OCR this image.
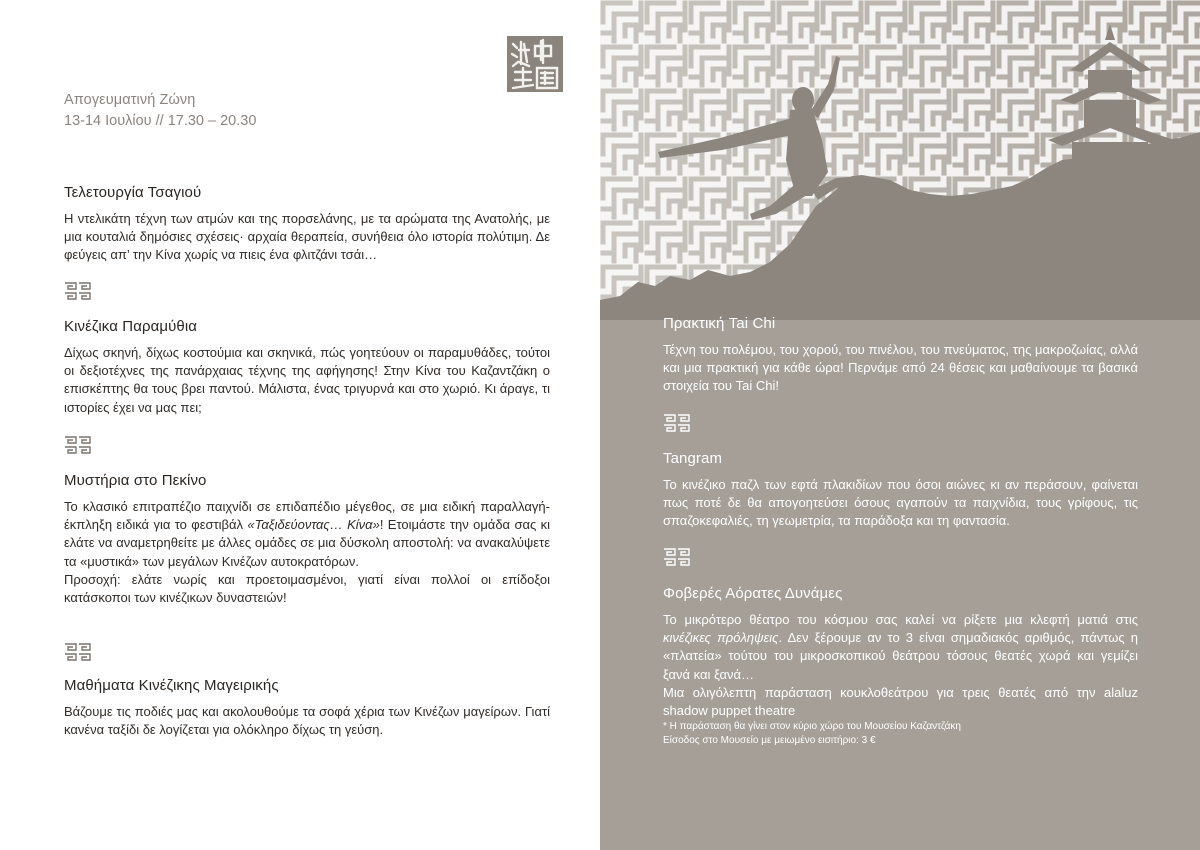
Απογευματινή Ζώνη
13-14 Ιουλίου // 17.30 – 20.30
Τελετουργία Τσαγιού

Η ντελικάτη τέχνη των ατμών και της πορσελάνης, με τα αρώματα της Ανατολής, με μια κουταλιά δημόσιες σχέσεις· αρχαία θεραπεία, συνήθεια όλο ιστορία πολύτιμη. Δε φεύγεις απ’ την Κίνα χωρίς να πιεις ένα φλιτζάνι τσάι…

Κινέζικα Παραμύθια

Δίχως σκηνή, δίχως κοστούμια και σκηνικά, πώς γοητεύουν οι παραμυθάδες, τούτοι οι δεξιοτέχνες της πανάρχαιας τέχνης της αφήγησης! Στην Κίνα του Καζαντζάκη ο επισκέπτης θα τους βρει παντού. Μάλιστα, ένας τριγυρνά και στο χωριό. Κι άραγε, τι ιστορίες έχει να μας πει;

Μυστήρια στο Πεκίνο

Το κλασικό επιτραπέζιο παιχνίδι σε επιδαπέδιο μέγεθος, σε μια ειδική παραλλαγή-έκπληξη ειδικά για το φεστιβάλ «Ταξιδεύοντας… Κίνα»! Ετοιμάστε την ομάδα σας κι ελάτε να αναμετρηθείτε με άλλες ομάδες σε μια δύσκολη αποστολή: να ανακαλύψετε τα «μυστικά» των μεγάλων Κινέζων αυτοκρατόρων.

Προσοχή: ελάτε νωρίς και προετοιμασμένοι, γιατί είναι πολλοί οι επίδοξοι κατάσκοποι των κινέζικων δυναστειών!

Μαθήματα Κινέζικης Μαγειρικής

Βάζουμε τις ποδιές μας και ακολουθούμε τα σοφά χέρια των Κινέζων μαγείρων. Γιατί κανένα ταξίδι δε λογίζεται για ολόκληρο δίχως τη γεύση.

Πρακτική Tai Chi

Τέχνη του πολέμου, του χορού, του πινέλου, του πνεύματος, της μακροζωίας, αλλά και μια πρακτική για κάθε ώρα! Περνάμε από 24 θέσεις και μαθαίνουμε τα βασικά στοιχεία του Tai Chi!

Tangram

Το κινέζικο παζλ των εφτά πλακιδίων που όσοι αιώνες κι αν περάσουν, φαίνεται πως ποτέ δε θα απογοητεύσει όσους αγαπούν τα παιχνίδια, τους γρίφους, τις σπαζοκεφαλιές, τη γεωμετρία, τα παράδοξα και τη φαντασία.

Φοβερές Αόρατες Δυνάμες

Το μικρότερο θέατρο του κόσμου σας καλεί να ρίξετε μια κλεφτή ματιά στις κινέζικες πρόληψεις. Δεν ξέρουμε αν το 3 είναι σημαδιακός αριθμός, πάντως η «πλατεία» τούτου του μικροσκοπικού θεάτρου τόσους θεατές χωρά και γεμίζει ξανά και ξανά…

Μια ολιγόλεπτη παράσταση κουκλοθεάτρου για τρεις θεατές από την alaluz shadow puppet theatre

* Η παράσταση θα γίνει στον κύριο χώρο του Μουσείου Καζαντζάκη

Είσοδος στο Μουσείο με μειωμένο εισιτήριο: 3 €
